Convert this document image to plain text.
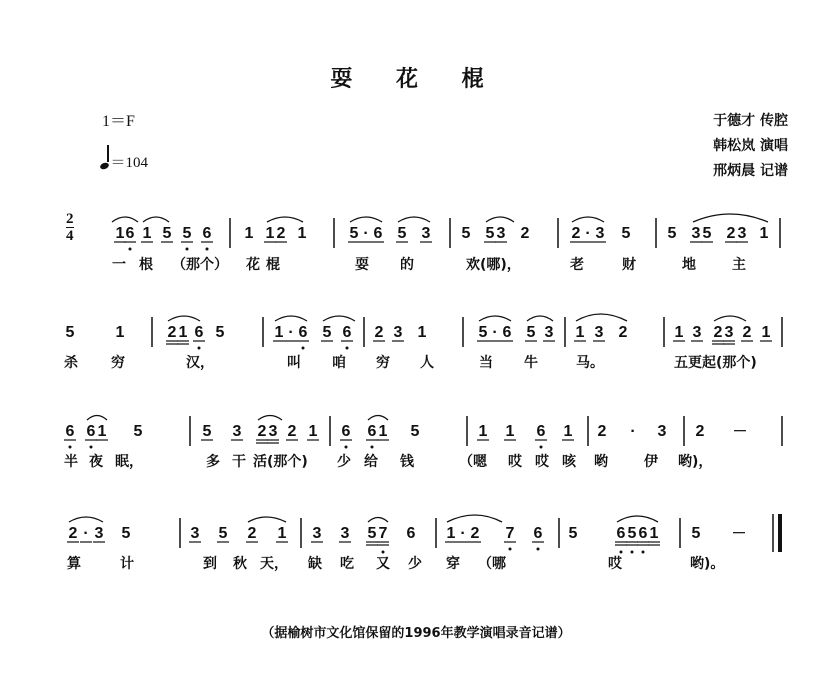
耍 花 棍
1＝F
＝104
于德才 传腔
韩松岚 演唱
邢炳晨 记谱
2
4	1 6 1 5 5 6 1 1 2 1	5 · 6 5 3 5 5 3 2	2 · 3 5 5 3 5 2 3 1
5	1	2 1 6 5	1 · 6 5 6 2 3 1	5 · 6 5 3 1 3 2	1 3 2 3 2 1
6 6 1 5	5 3 2 3 2 1 6 6 1 5	1 1 6 1 2 · 3 2 －
2 · 3 5	3 5 2 1 3 3 5 7 6 1 · 2 7 6 5 6 5 6 1 5 －
一 根 （那个） 花 棍	耍 的	欢(哪)，	老	财	地	主
杀 穷	汉，	叫 咱 穷 人	当 牛	马。	五更起(那个)
半 夜 眠，	多 干 活(那个) 少 给 钱	（嗯 哎 哎 咳 哟	伊 哟)，
算	计	到 秋 天， 缺 吃 又 少 穿 （哪	哎	哟)。
（据榆树市文化馆保留的1996年教学演唱录音记谱）
